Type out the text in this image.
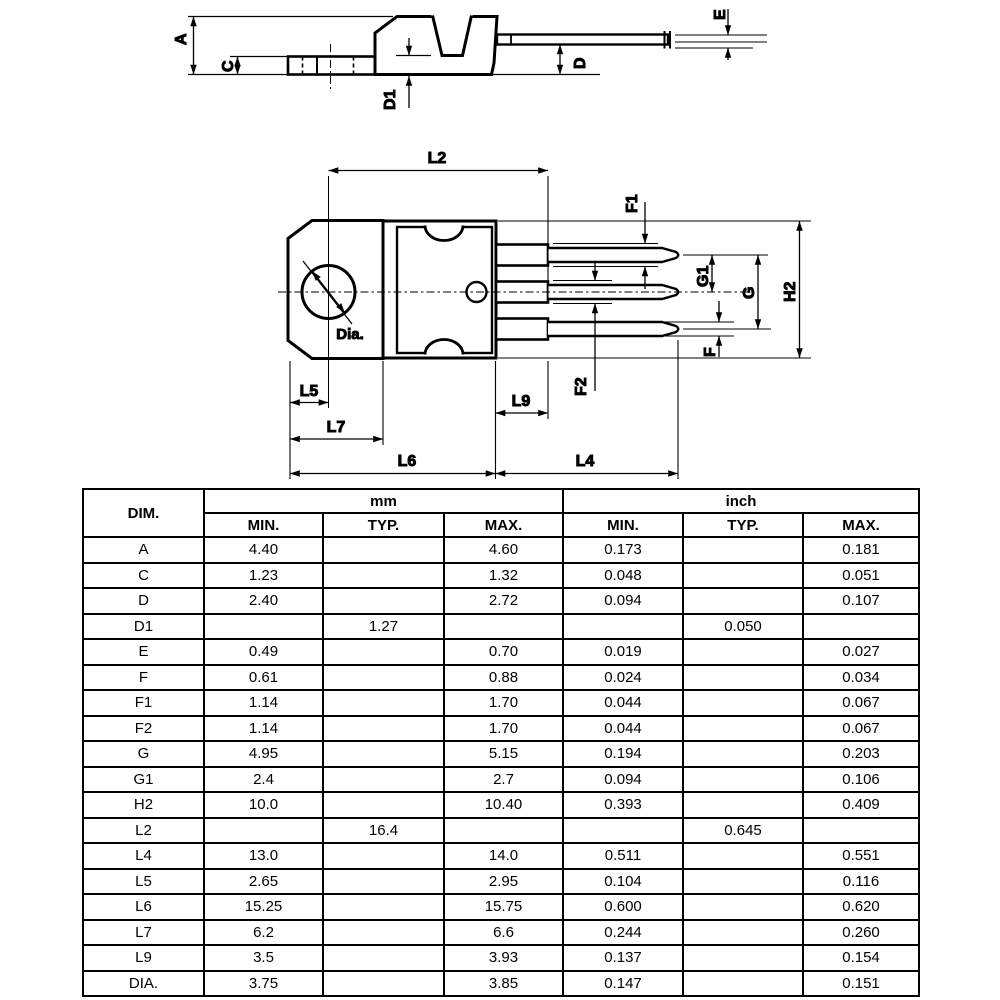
A
C
D1
D
E
L2
F1
G1
G H2
F
F2
Dia.
L5
L9
L7
L6	L4
DIM.	mm			inch		
	MIN.	TYP.	MAX.	MIN.	TYP.	MAX.
A	4.40		4.60	0.173		0.181
C	1.23		1.32	0.048		0.051
D	2.40		2.72	0.094		0.107
D1		1.27			0.050	
E	0.49		0.70	0.019		0.027
F	0.61		0.88	0.024		0.034
F1	1.14		1.70	0.044		0.067
F2	1.14		1.70	0.044		0.067
G	4.95		5.15	0.194		0.203
G1	2.4		2.7	0.094		0.106
H2	10.0		10.40	0.393		0.409
L2		16.4			0.645	
L4	13.0		14.0	0.511		0.551
L5	2.65		2.95	0.104		0.116
L6	15.25		15.75	0.600		0.620
L7	6.2		6.6	0.244		0.260
L9	3.5		3.93	0.137		0.154
DIA.	3.75		3.85	0.147		0.151
